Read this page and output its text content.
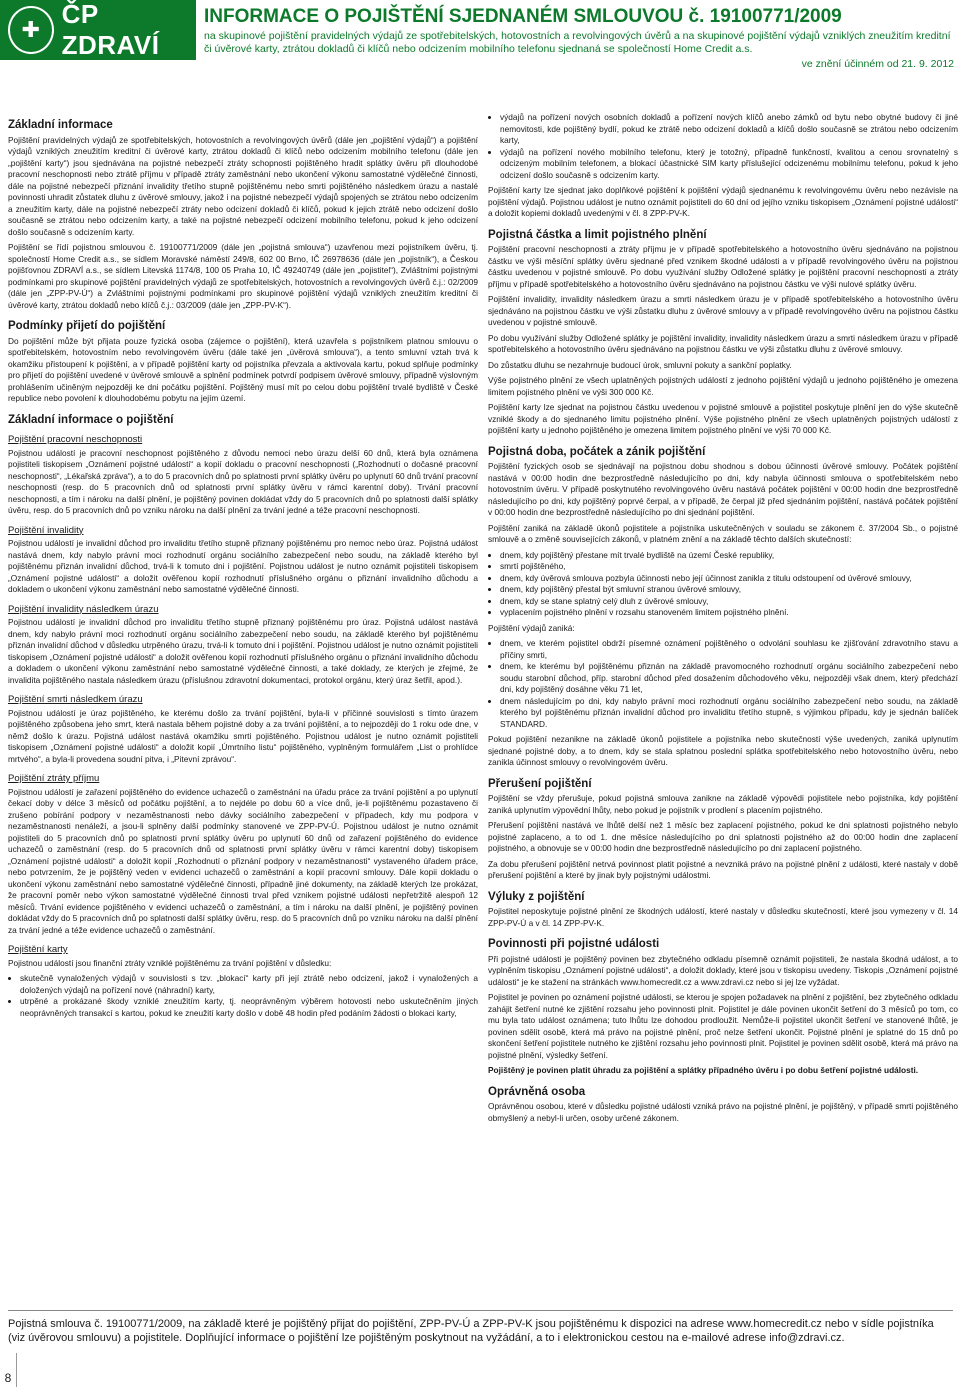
✚
ČP ZDRAVÍ
INFORMACE O POJIŠTĚNÍ SJEDNANÉM SMLOUVOU č. 19100771/2009
na skupinové pojištění pravidelných výdajů ze spotřebitelských, hotovostních a revolvingových úvěrů a na skupinové pojištění výdajů vzniklých zneužitím kreditní či úvěrové karty, ztrátou dokladů či klíčů nebo odcizením mobilního telefonu sjednaná se společností Home Credit a.s.
ve znění účinném od 21. 9. 2012
Základní informace

Pojištění pravidelných výdajů ze spotřebitelských, hotovostních a revolvingových úvěrů (dále jen „pojištění výdajů“) a pojištění výdajů vzniklých zneužitím kreditní či úvěrové karty, ztrátou dokladů či klíčů nebo odcizením mobilního telefonu (dále jen „pojištění karty“) jsou sjednávána na pojistné nebezpečí ztráty schopnosti pojištěného hradit splátky úvěru při dlouhodobé pracovní neschopnosti nebo ztrátě příjmu v případě ztráty zaměstnání nebo ukončení výkonu samostatné výdělečné činnosti, dále na pojistné nebezpečí přiznání invalidity třetího stupně pojištěnému nebo smrti pojištěného následkem úrazu a nastalé povinnosti uhradit zůstatek dluhu z úvěrové smlouvy, jakož i na pojistné nebezpečí výdajů spojených se ztrátou nebo odcizením a zneužitím karty, dále na pojistné nebezpečí ztráty nebo odcizení dokladů či klíčů, pokud k jejich ztrátě nebo odcizení došlo současně se ztrátou nebo odcizením karty, a také na pojistné nebezpečí odcizení mobilního telefonu, pokud k jeho odcizení došlo současně s odcizením karty.

Pojištění se řídí pojistnou smlouvou č. 19100771/2009 (dále jen „pojistná smlouva“) uzavřenou mezi pojistníkem úvěru, tj. společností Home Credit a.s., se sídlem Moravské náměstí 249/8, 602 00 Brno, IČ 26978636 (dále jen „pojistník“), a Českou pojišťovnou ZDRAVÍ a.s., se sídlem Litevská 1174/8, 100 05 Praha 10, IČ 49240749 (dále jen „pojistitel“), Zvláštními pojistnými podmínkami pro skupinové pojištění pravidelných výdajů ze spotřebitelských, hotovostních a revolvingových úvěrů č.j.: 02/2009 (dále jen „ZPP-PV-Ú“) a Zvláštními pojistnými podmínkami pro skupinové pojištění výdajů vzniklých zneužitím kreditní či úvěrové karty, ztrátou dokladů nebo klíčů č.j.: 03/2009 (dále jen „ZPP-PV-K“).

Podmínky přijetí do pojištění

Do pojištění může být přijata pouze fyzická osoba (zájemce o pojištění), která uzavřela s pojistníkem platnou smlouvu o spotřebitelském, hotovostním nebo revolvingovém úvěru (dále také jen „úvěrová smlouva“), a tento smluvní vztah trvá k okamžiku přistoupení k pojištění, a v případě pojištění karty od pojistníka převzala a aktivovala kartu, pokud splňuje podmínky pro přijetí do pojištění uvedené v úvěrové smlouvě a splnění podmínek potvrdí podpisem úvěrové smlouvy, případně výslovným prohlášením učiněným nejpozději ke dni počátku pojištění. Pojištěný musí mít po celou dobu pojištění trvalé bydliště v České republice nebo povolení k dlouhodobému pobytu na jejím území.

Základní informace o pojištění
Pojištění pracovní neschopnosti

Pojistnou událostí je pracovní neschopnost pojištěného z důvodu nemoci nebo úrazu delší 60 dnů, která byla oznámena pojistiteli tiskopisem „Oznámení pojistné události“ a kopií dokladu o pracovní neschopnosti („Rozhodnutí o dočasné pracovní neschopnosti“, „Lékařská zpráva“), a to do 5 pracovních dnů po splatnosti první splátky úvěru po uplynutí 60 dnů trvání pracovní neschopnosti (resp. do 5 pracovních dnů od splatnosti první splátky úvěru v rámci karentní doby). Trvání pracovní neschopnosti, a tím i nároku na další plnění, je pojištěný povinen dokládat vždy do 5 pracovních dnů po splatnosti další splátky úvěru, resp. do 5 pracovních dnů po vzniku nároku na další plnění za trvání jedné a téže pracovní neschopnosti.

Pojištění invalidity

Pojistnou událostí je invalidní důchod pro invaliditu třetího stupně přiznaný pojištěnému pro nemoc nebo úraz. Pojistná událost nastává dnem, kdy nabylo právní moci rozhodnutí orgánu sociálního zabezpečení nebo soudu, na základě kterého byl pojištěnému přiznán invalidní důchod, trvá-li k tomuto dni i pojištění. Pojistnou událost je nutno oznámit pojistiteli tiskopisem „Oznámení pojistné události“ a doložit ověřenou kopií rozhodnutí příslušného orgánu o přiznání invalidního důchodu a dokladem o ukončení výkonu zaměstnání nebo samostatné výdělečné činnosti.

Pojištění invalidity následkem úrazu

Pojistnou událostí je invalidní důchod pro invaliditu třetího stupně přiznaný pojištěnému pro úraz. Pojistná událost nastává dnem, kdy nabylo právní moci rozhodnutí orgánu sociálního zabezpečení nebo soudu, na základě kterého byl pojištěnému přiznán invalidní důchod v důsledku utrpěného úrazu, trvá-li k tomuto dni i pojištění. Pojistnou událost je nutno oznámit pojistiteli tiskopisem „Oznámení pojistné události“ a doložit ověřenou kopií rozhodnutí příslušného orgánu o přiznání invalidního důchodu a dokladem o ukončení výkonu zaměstnání nebo samostatné výdělečné činnosti, a také doklady, ze kterých je zřejmé, že invalidita pojištěného nastala následkem úrazu (příslušnou zdravotní dokumentaci, protokol orgánu, který úraz šetřil, apod.).

Pojištění smrti následkem úrazu

Pojistnou událostí je úraz pojištěného, ke kterému došlo za trvání pojištění, byla-li v příčinné souvislosti s tímto úrazem pojištěného způsobena jeho smrt, která nastala během pojistné doby a za trvání pojištění, a to nejpozději do 1 roku ode dne, v němž došlo k úrazu. Pojistná událost nastává okamžiku smrti pojištěného. Pojistnou událost je nutno oznámit pojistiteli tiskopisem „Oznámení pojistné události“ a doložit kopií „Úmrtního listu“ pojištěného, vyplněným formulářem „List o prohlídce mrtvého“, a byla-li provedena soudní pitva, i „Pitevní zprávou“.

Pojištění ztráty příjmu

Pojistnou událostí je zařazení pojištěného do evidence uchazečů o zaměstnání na úřadu práce za trvání pojištění a po uplynutí čekací doby v délce 3 měsíců od počátku pojištění, a to nejdéle po dobu 60 a více dnů, je-li pojištěnému pozastaveno či zrušeno pobírání podpory v nezaměstnanosti nebo dávky sociálního zabezpečení v případech, kdy mu podpora v nezaměstnanosti nenáleží, a jsou-li splněny další podmínky stanovené ve ZPP-PV-Ú. Pojistnou událost je nutno oznámit pojistiteli do 5 pracovních dnů po splatnosti první splátky úvěru po uplynutí 60 dnů od zařazení pojištěného do evidence uchazečů o zaměstnání (resp. do 5 pracovních dnů od splatnosti první splátky úvěru v rámci karentní doby) tiskopisem „Oznámení pojistné události“ a doložit kopií „Rozhodnutí o přiznání podpory v nezaměstnanosti“ vystaveného úřadem práce, nebo potvrzením, že je pojištěný veden v evidenci uchazečů o zaměstnání a kopií pracovní smlouvy. Dále kopii dokladu o ukončení výkonu zaměstnání nebo samostatné výdělečné činnosti, případně jiné dokumenty, na základě kterých lze prokázat, že pracovní poměr nebo výkon samostatné výdělečné činnosti trval před vznikem pojistné události nepřetržitě alespoň 12 měsíců. Trvání evidence pojištěného v evidenci uchazečů o zaměstnání, a tím i nároku na další plnění, je pojištěný povinen dokládat vždy do 5 pracovních dnů po splatnosti další splátky úvěru, resp. do 5 pracovních dnů po vzniku nároku na další plnění za trvání jedné a téže evidence uchazečů o zaměstnání.

Pojištění karty

Pojistnou událostí jsou finanční ztráty vzniklé pojištěnému za trvání pojištění v důsledku:

• skutečně vynaložených výdajů v souvislosti s tzv. „blokací“ karty při její ztrátě nebo odcizení, jakož i vynaložených a doložených výdajů na pořízení nové (náhradní) karty,
• utrpěné a prokázané škody vzniklé zneužitím karty, tj. neoprávněným výběrem hotovosti nebo uskutečněním jiných neoprávněných transakcí s kartou, pokud ke zneužití karty došlo v době 48 hodin před podáním žádosti o blokaci karty,
• výdajů na pořízení nových osobních dokladů a pořízení nových klíčů anebo zámků od bytu nebo obytné budovy či jiné nemovitosti, kde pojištěný bydlí, pokud ke ztrátě nebo odcizení dokladů a klíčů došlo současně se ztrátou nebo odcizením karty,
• výdajů na pořízení nového mobilního telefonu, který je totožný, případně funkčností, kvalitou a cenou srovnatelný s odcizeným mobilním telefonem, a blokací účastnické SIM karty příslušející odcizenému mobilnímu telefonu, pokud k jeho odcizení došlo současně s odcizením karty.

Pojištění karty lze sjednat jako doplňkové pojištění k pojištění výdajů sjednanému k revolvingovému úvěru nebo nezávisle na pojištění výdajů. Pojistnou událost je nutno oznámit pojistiteli do 60 dní od jejího vzniku tiskopisem „Oznámení pojistné události“ a doložit kopiemi dokladů uvedenými v čl. 8 ZPP-PV-K.

Pojistná částka a limit pojistného plnění

Pojištění pracovní neschopnosti a ztráty příjmu je v případě spotřebitelského a hotovostního úvěru sjednáváno na pojistnou částku ve výši měsíční splátky úvěru sjednané před vznikem škodné události a v případě revolvingového úvěru na pojistnou částku uvedenou v pojistné smlouvě. Po dobu využívání služby Odložené splátky je pojištění pracovní neschopnosti a ztráty příjmu v případě spotřebitelského a hotovostního úvěru sjednáváno na pojistnou částku ve výši nulové splátky úvěru.

Pojištění invalidity, invalidity následkem úrazu a smrti následkem úrazu je v případě spotřebitelského a hotovostního úvěru sjednáváno na pojistnou částku ve výši zůstatku dluhu z úvěrové smlouvy a v případě revolvingového úvěru na pojistnou částku uvedenou v pojistné smlouvě.

Po dobu využívání služby Odložené splátky je pojištění invalidity, invalidity následkem úrazu a smrti následkem úrazu v případě spotřebitelského a hotovostního úvěru sjednáváno na pojistnou částku ve výši zůstatku dluhu z úvěrové smlouvy.

Do zůstatku dluhu se nezahrnuje budoucí úrok, smluvní pokuty a sankční poplatky.

Výše pojistného plnění ze všech uplatněných pojistných událostí z jednoho pojištění výdajů u jednoho pojištěného je omezena limitem pojistného plnění ve výši 300 000 Kč.

Pojištění karty lze sjednat na pojistnou částku uvedenou v pojistné smlouvě a pojistitel poskytuje plnění jen do výše skutečně vzniklé škody a do sjednaného limitu pojistného plnění. Výše pojistného plnění ze všech uplatněných pojistných událostí z pojištění karty u jednoho pojištěného je omezena limitem pojistného plnění ve výši 70 000 Kč.

Pojistná doba, počátek a zánik pojištění

Pojištění fyzických osob se sjednávají na pojistnou dobu shodnou s dobou účinnosti úvěrové smlouvy. Počátek pojištění nastává v 00:00 hodin dne bezprostředně následujícího po dni, kdy nabyla účinnosti smlouva o spotřebitelském nebo hotovostním úvěru. V případě poskytnutého revolvingového úvěru nastává počátek pojištění v 00:00 hodin dne bezprostředně následujícího po dni, kdy pojištěný poprvé čerpal, a v případě, že čerpal již před sjednáním pojištění, nastává počátek pojištění v 00:00 hodin dne bezprostředně následujícího po dni sjednání pojištění.

Pojištění zaniká na základě úkonů pojistitele a pojistníka uskutečněných v souladu se zákonem č. 37/2004 Sb., o pojistné smlouvě a o změně souvisejících zákonů, v platném znění a na základě těchto dalších skutečností:

• dnem, kdy pojištěný přestane mít trvalé bydliště na území České republiky,
• smrtí pojištěného,
• dnem, kdy úvěrová smlouva pozbyla účinnosti nebo její účinnost zanikla z titulu odstoupení od úvěrové smlouvy,
• dnem, kdy pojištěný přestal být smluvní stranou úvěrové smlouvy,
• dnem, kdy se stane splatný celý dluh z úvěrové smlouvy,
• vyplacením pojistného plnění v rozsahu stanoveném limitem pojistného plnění.

Pojištění výdajů zaniká:

• dnem, ve kterém pojistitel obdrží písemné oznámení pojištěného o odvolání souhlasu ke zjišťování zdravotního stavu a příčiny smrti,
• dnem, ke kterému byl pojištěnému přiznán na základě pravomocného rozhodnutí orgánu sociálního zabezpečení nebo soudu starobní důchod, příp. starobní důchod před dosažením důchodového věku, nejpozději však dnem, který předchází dni, kdy pojištěný dosáhne věku 71 let,
• dnem následujícím po dni, kdy nabylo právní moci rozhodnutí orgánu sociálního zabezpečení nebo soudu, na základě kterého byl pojištěnému přiznán invalidní důchod pro invaliditu třetího stupně, s výjimkou případu, kdy je sjednán balíček STANDARD.

Pokud pojištění nezanikne na základě úkonů pojistitele a pojistníka nebo skutečností výše uvedených, zaniká uplynutím sjednané pojistné doby, a to dnem, kdy se stala splatnou poslední splátka spotřebitelského nebo hotovostního úvěru, nebo zanikla účinnost smlouvy o revolvingovém úvěru.

Přerušení pojištění

Pojištění se vždy přerušuje, pokud pojistná smlouva zanikne na základě výpovědi pojistitele nebo pojistníka, kdy pojištění zaniká uplynutím výpovědní lhůty, nebo pokud je pojistník v prodlení s placením pojistného.

Přerušení pojištění nastává ve lhůtě delší než 1 měsíc bez zaplacení pojistného, pokud ke dni splatnosti pojistného nebylo pojistné zaplaceno, a to od 1. dne měsíce následujícího po dni splatnosti pojistného až do 00:00 hodin dne zaplacení pojistného, a obnovuje se v 00:00 hodin dne bezprostředně následujícího po dni zaplacení pojistného.

Za dobu přerušení pojištění netrvá povinnost platit pojistné a nevzniká právo na pojistné plnění z události, které nastaly v době přerušení pojištění a které by jinak byly pojistnými událostmi.

Výluky z pojištění

Pojistitel neposkytuje pojistné plnění ze škodných událostí, které nastaly v důsledku skutečností, které jsou vymezeny v čl. 14 ZPP-PV-Ú a v čl. 14 ZPP-PV-K.

Povinnosti při pojistné události

Při pojistné události je pojištěný povinen bez zbytečného odkladu písemně oznámit pojistiteli, že nastala škodná událost, a to vyplněním tiskopisu „Oznámení pojistné události“, a doložit doklady, které jsou v tiskopisu uvedeny. Tiskopis „Oznámení pojistné události“ je ke stažení na stránkách www.homecredit.cz a www.zdravi.cz nebo si jej lze vyžádat.

Pojistitel je povinen po oznámení pojistné události, se kterou je spojen požadavek na plnění z pojištění, bez zbytečného odkladu zahájit šetření nutné ke zjištění rozsahu jeho povinnosti plnit. Pojistitel je dále povinen ukončit šetření do 3 měsíců po tom, co mu byla tato událost oznámena; tuto lhůtu lze dohodou prodloužit. Nemůže-li pojistitel ukončit šetření ve stanovené lhůtě, je povinen sdělit osobě, která má právo na pojistné plnění, proč nelze šetření ukončit. Pojistné plnění je splatné do 15 dnů po skončení šetření pojistitele nutného ke zjištění rozsahu jeho povinnosti plnit. Pojistitel je povinen sdělit osobě, která má právo na pojistné plnění, výsledky šetření.

Pojištěný je povinen platit úhradu za pojištění a splátky případného úvěru i po dobu šetření pojistné události.

Oprávněná osoba

Oprávněnou osobou, které v důsledku pojistné události vzniká právo na pojistné plnění, je pojištěný, v případě smrti pojištěného obmyšlený a nebyl-li určen, osoby určené zákonem.

Pojistná smlouva č. 19100771/2009, na základě které je pojištěný přijat do pojištění, ZPP-PV-Ú a ZPP-PV-K jsou pojištěnému k dispozici na adrese www.homecredit.cz nebo v sídle pojistníka (viz úvěrovou smlouvu) a pojistitele. Doplňující informace o pojištění lze pojištěným poskytnout na vyžádání, a to i elektronickou cestou na e-mailové adrese info@zdravi.cz.
8
